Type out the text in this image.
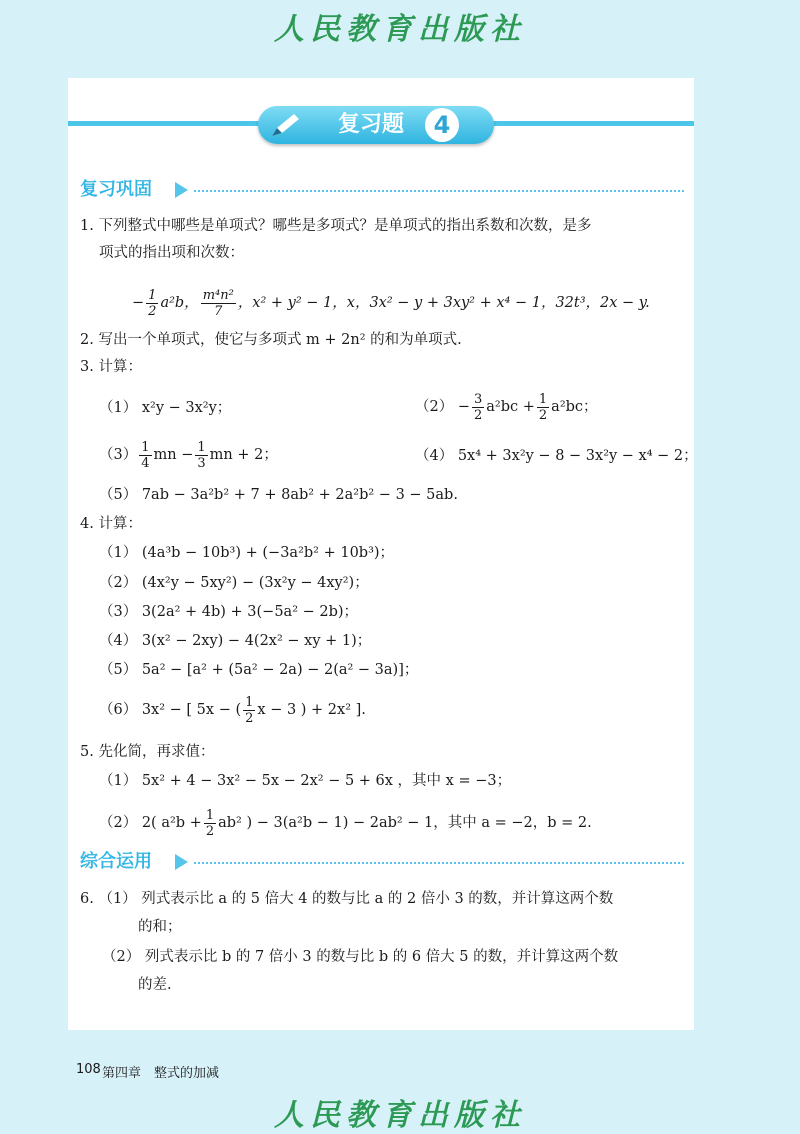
人民教育出版社
复习题	4
复习巩固
1. 下列整式中哪些是单项式？哪些是多项式？是单项式的指出系数和次数，是多
项式的指出项和次数：
− $\frac{1}{2} a^2b$， $\frac{\text{m⁴n²}}{7}$ ，x² + y² − 1，x，3x² − y + 3xy² + x⁴ − 1，32t³，2x − y.
2. 写出一个单项式，使它与多项式 m + 2n² 的和为单项式.
3. 计算：
（1） x²y − 3x²y；	$(2) - \frac{3}{2} a^2bc + \frac{1}{2} a^2bc$；
$(3) \frac{1}{4}$ mn − $\frac{1}{3}$ mn + 2；	（4） 5x⁴ + 3x²y − 8 − 3x²y − x⁴ − 2；
（5） 7ab − 3a²b² + 7 + 8ab² + 2a²b² − 3 − 5ab.
4. 计算：
（1） (4a³b − 10b³) + (−3a²b² + 10b³)；
（2） (4x²y − 5xy²) − (3x²y − 4xy²)；
（3） 3(2a² + 4b) + 3(−5a² − 2b)；
（4） 3(x² − 2xy) − 4(2x² − xy + 1)；
（5） 5a² − [a² + (5a² − 2a) − 2(a² − 3a)]；
（6） 3x² − [ 5x − ( $\frac{1}{2}$ x − 3 ) + 2x² ].
5. 先化简，再求值：
（1） 5x² + 4 − 3x² − 5x − 2x² − 5 + 6x ，其中 x = −3；
（2） 2( $a^2b + \frac{1}{2} ab^2$ ) − 3(a²b − 1) − 2ab² − 1，其中 a = −2，b = 2.
综合运用
6. （1） 列式表示比 a 的 5 倍大 4 的数与比 a 的 2 倍小 3 的数，并计算这两个数
的和；
（2） 列式表示比 b 的 7 倍小 3 的数与比 b 的 6 倍大 5 的数，并计算这两个数
的差.
108 第四章　整式的加减
人民教育出版社
